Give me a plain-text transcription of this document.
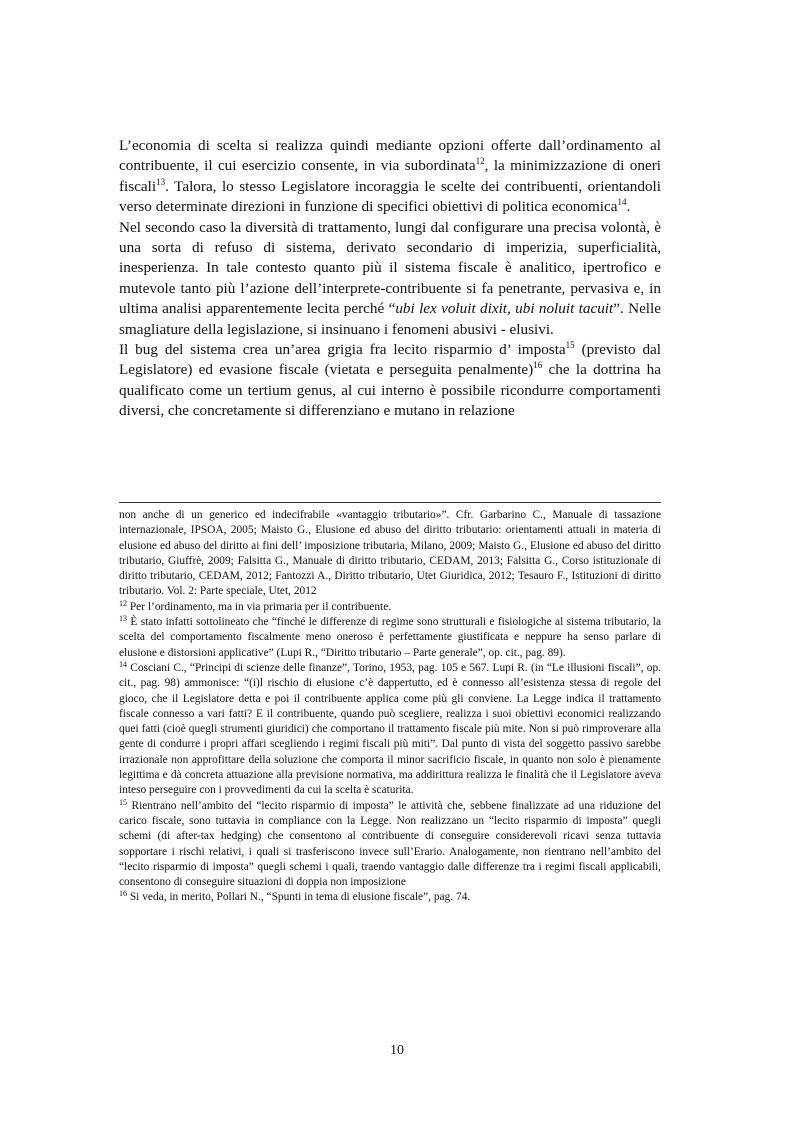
L’economia di scelta si realizza quindi mediante opzioni offerte dall’ordinamento al contribuente, il cui esercizio consente, in via subordinata$^{12}$, la minimizzazione di oneri fiscali$^{13}$. Talora, lo stesso Legislatore incoraggia le scelte dei contribuenti, orientandoli verso determinate direzioni in funzione di specifici obiettivi di politica economica$^{14}$.

Nel secondo caso la diversità di trattamento, lungi dal configurare una precisa volontà, è una sorta di refuso di sistema, derivato secondario di imperizia, superficialità, inesperienza. In tale contesto quanto più il sistema fiscale è analitico, ipertrofico e mutevole tanto più l’azione dell’interprete-contribuente si fa penetrante, pervasiva e, in ultima analisi apparentemente lecita perché “ubi lex voluit dixit, ubi noluit tacuit”. Nelle smagliature della legislazione, si insinuano i fenomeni abusivi - elusivi.

Il bug del sistema crea un’area grigia fra lecito risparmio d’ imposta$^{15}$ (previsto dal Legislatore) ed evasione fiscale (vietata e perseguita penalmente)$^{16}$ che la dottrina ha qualificato come un tertium genus, al cui interno è possibile ricondurre comportamenti diversi, che concretamente si differenziano e mutano in relazione

non anche di un generico ed indecifrabile «vantaggio tributario»”. Cfr. Garbarino C., Manuale di tassazione internazionale, IPSOA, 2005; Maisto G., Elusione ed abuso del diritto tributario: orientamenti attuali in materia di elusione ed abuso del diritto ai fini dell’ imposizione tributaria, Milano, 2009; Maisto G., Elusione ed abuso del diritto tributario, Giuffrè, 2009; Falsitta G., Manuale di diritto tributario, CEDAM, 2013; Falsitta G., Corso istituzionale di diritto tributario, CEDAM, 2012; Fantozzi A., Diritto tributario, Utet Giuridica, 2012; Tesauro F., Istituzioni di diritto tributario. Vol. 2: Parte speciale, Utet, 2012

$^{12}$ Per l’ordinamento, ma in via primaria per il contribuente.

$^{13}$ È stato infatti sottolineato che “finché le differenze di regime sono strutturali e fisiologiche al sistema tributario, la scelta del comportamento fiscalmente meno oneroso è perfettamente giustificata e neppure ha senso parlare di elusione e distorsioni applicative” (Lupi R., “Diritto tributario – Parte generale”, op. cit., pag. 89).

$^{14}$ Cosciani C., “Principi di scienze delle finanze”, Torino, 1953, pag. 105 e 567. Lupi R. (in “Le illusioni fiscali”, op. cit., pag. 98) ammonisce: “(i)l rischio di elusione c’è dappertutto, ed è connesso all’esistenza stessa di regole del gioco, che il Legislatore detta e poi il contribuente applica come più gli conviene. La Legge indica il trattamento fiscale connesso a vari fatti? E il contribuente, quando può scegliere, realizza i suoi obiettivi economici realizzando quei fatti (cioè quegli strumenti giuridici) che comportano il trattamento fiscale più mite. Non si può rimproverare alla gente di condurre i propri affari scegliendo i regimi fiscali più miti”. Dal punto di vista del soggetto passivo sarebbe irrazionale non approfittare della soluzione che comporta il minor sacrificio fiscale, in quanto non solo è pienamente legittima e dà concreta attuazione alla previsione normativa, ma addirittura realizza le finalità che il Legislatore aveva inteso perseguire con i provvedimenti da cui la scelta è scaturita.

$^{15}$ Rientrano nell’ambito del “lecito risparmio di imposta” le attività che, sebbene finalizzate ad una riduzione del carico fiscale, sono tuttavia in compliance con la Legge. Non realizzano un “lecito risparmio di imposta” quegli schemi (di after-tax hedging) che consentono al contribuente di conseguire considerevoli ricavi senza tuttavia sopportare i rischi relativi, i quali si trasferiscono invece sull’Erario. Analogamente, non rientrano nell’ambito del “lecito risparmio di imposta” quegli schemi i quali, traendo vantaggio dalle differenze tra i regimi fiscali applicabili, consentono di conseguire situazioni di doppia non imposizione

$^{16}$ Si veda, in merito, Pollari N., “Spunti in tema di elusione fiscale”, pag. 74.

10
